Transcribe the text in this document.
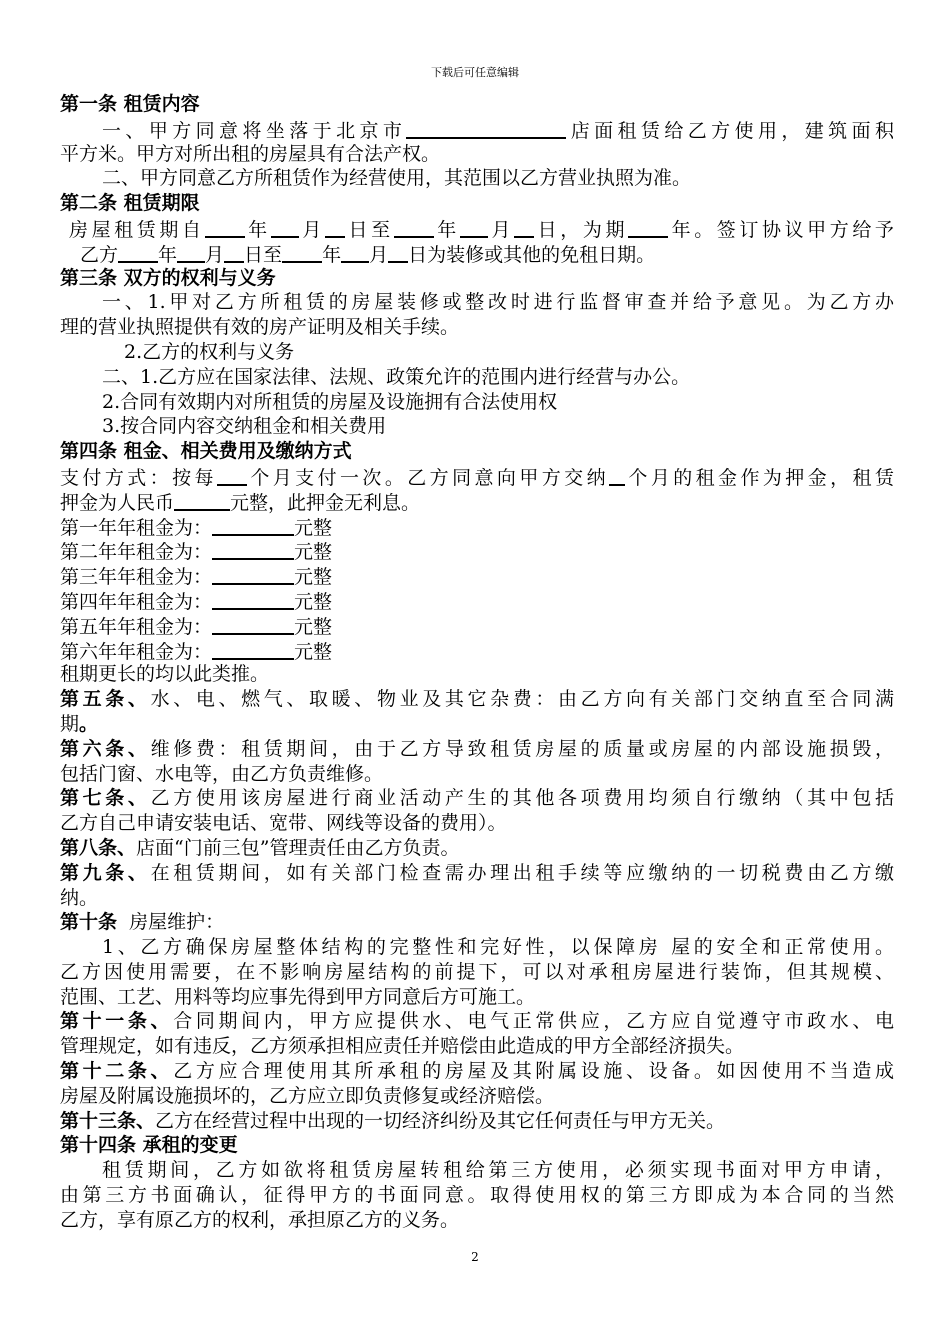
下载后可任意编辑
第一条 租赁内容
一、甲方同意将坐落于北京市	店面租赁给乙方使用，建筑面积
平方米。甲方对所出租的房屋具有合法产权。
二、甲方同意乙方所租赁作为经营使用，其范围以乙方营业执照为准。
第二条 租赁期限
房屋租赁期自 年 月 日至 年 月 日，为期 年。签订协议甲方给予
乙方 年 月 日至 年 月 日为装修或其他的免租日期。
第三条 双方的权利与义务
一、1.甲对乙方所租赁的房屋装修或整改时进行监督审查并给予意见。为乙方办
理的营业执照提供有效的房产证明及相关手续。
2.乙方的权利与义务
二、1.乙方应在国家法律、法规、政策允许的范围内进行经营与办公。
2.合同有效期内对所租赁的房屋及设施拥有合法使用权
3.按合同内容交纳租金和相关费用
第四条 租金、相关费用及缴纳方式
支付方式：按每 个月支付一次。乙方同意向甲方交纳 个月的租金作为押金，租赁
押金为人民币	元整，此押金无利息。
第一年年租金为：	元整
第二年年租金为：	元整
第三年年租金为：	元整
第四年年租金为：	元整
第五年年租金为：	元整
第六年年租金为：	元整
租期更长的均以此类推。
第五条、水、电、燃气、取暖、物业及其它杂费：由乙方向有关部门交纳直至合同满
期。
第六条、维修费：租赁期间，由于乙方导致租赁房屋的质量或房屋的内部设施损毁，
包括门窗、水电等，由乙方负责维修。
第七条、乙方使用该房屋进行商业活动产生的其他各项费用均须自行缴纳（其中包括
乙方自己申请安装电话、宽带、网线等设备的费用）。
第八条、店面“门前三包”管理责任由乙方负责。
第九条、在租赁期间，如有关部门检查需办理出租手续等应缴纳的一切税费由乙方缴
纳。
第十条 房屋维护：
1、乙方确保房屋整体结构的完整性和完好性，以保障房 屋的安全和正常使用。
乙方因使用需要，在不影响房屋结构的前提下，可以对承租房屋进行装饰，但其规模、
范围、工艺、用料等均应事先得到甲方同意后方可施工。
第十一条、合同期间内，甲方应提供水、电气正常供应，乙方应自觉遵守市政水、电
管理规定，如有违反，乙方须承担相应责任并赔偿由此造成的甲方全部经济损失。
第十二条、乙方应合理使用其所承租的房屋及其附属设施、设备。如因使用不当造成
房屋及附属设施损坏的，乙方应立即负责修复或经济赔偿。
第十三条、乙方在经营过程中出现的一切经济纠纷及其它任何责任与甲方无关。
第十四条 承租的变更
租赁期间，乙方如欲将租赁房屋转租给第三方使用，必须实现书面对甲方申请，
由第三方书面确认，征得甲方的书面同意。取得使用权的第三方即成为本合同的当然
乙方，享有原乙方的权利，承担原乙方的义务。
2
